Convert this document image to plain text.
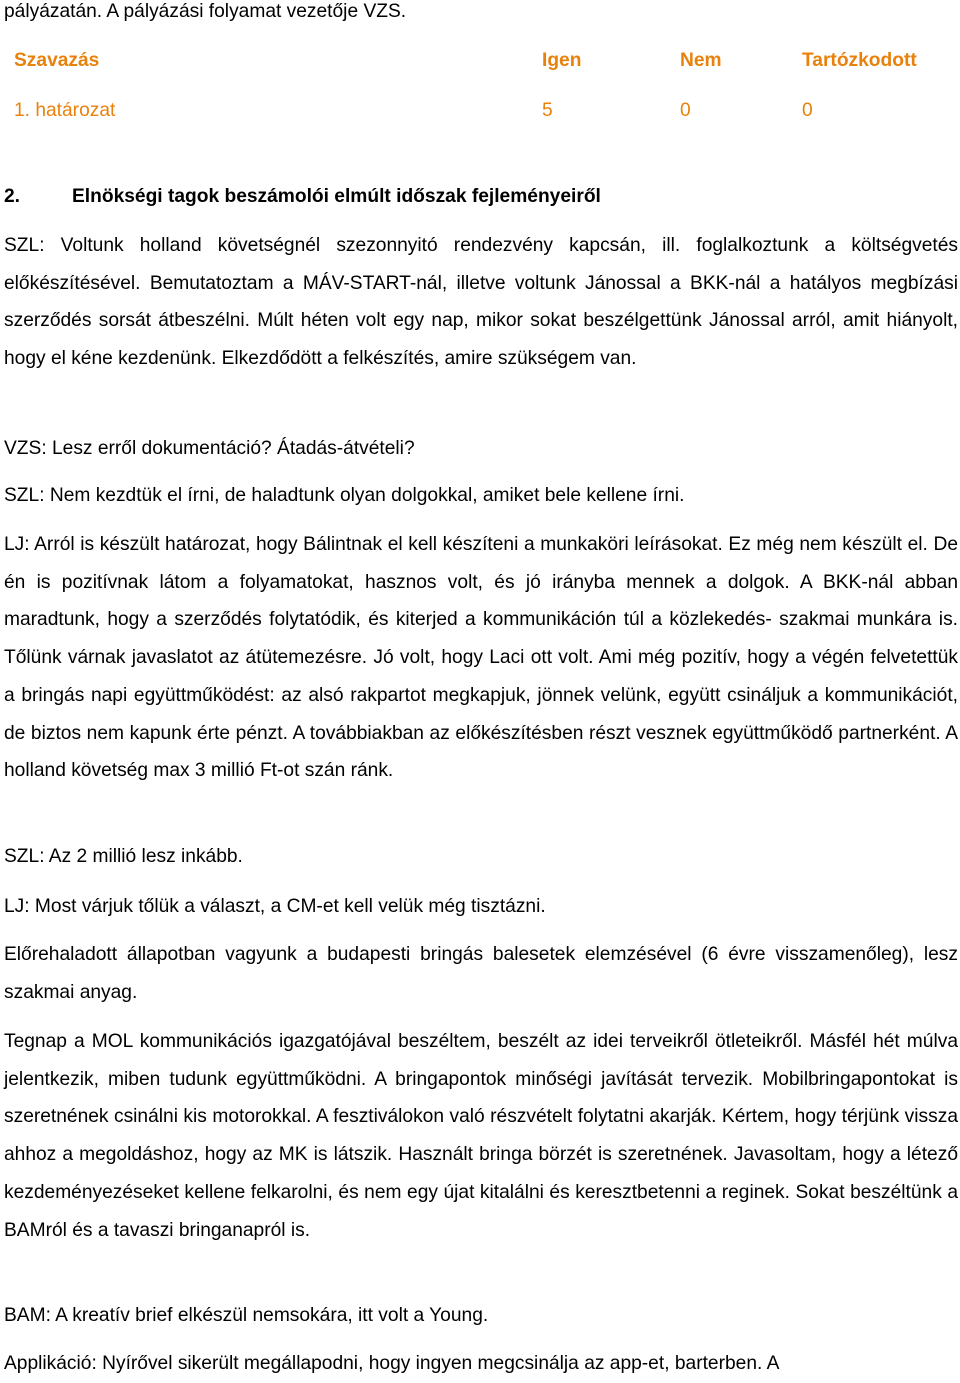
pályázatán. A pályázási folyamat vezetője VZS.
Szavazás	Igen	Nem	Tartózkodott
1. határozat	5	0	0
2.	Elnökségi tagok beszámolói elmúlt időszak fejleményeiről
SZL: Voltunk holland követségnél szezonnyitó rendezvény kapcsán, ill. foglalkoztunk a költségvetés előkészítésével. Bemutatoztam a MÁV-START-nál, illetve voltunk Jánossal a BKK-nál a hatályos megbízási szerződés sorsát átbeszélni. Múlt héten volt egy nap, mikor sokat beszélgettünk Jánossal arról, amit hiányolt, hogy el kéne kezdenünk. Elkezdődött a felkészítés, amire szükségem van.
VZS: Lesz erről dokumentáció? Átadás-átvételi?
SZL: Nem kezdtük el írni, de haladtunk olyan dolgokkal, amiket bele kellene írni.
LJ: Arról is készült határozat, hogy Bálintnak el kell készíteni a munkaköri leírásokat. Ez még nem készült el. De én is pozitívnak látom a folyamatokat, hasznos volt, és jó irányba mennek a dolgok. A BKK-nál abban maradtunk, hogy a szerződés folytatódik, és kiterjed a kommunikáción túl a közlekedés- szakmai munkára is. Tőlünk várnak javaslatot az átütemezésre. Jó volt, hogy Laci ott volt. Ami még pozitív, hogy a végén felvetettük a bringás napi együttműködést: az alsó rakpartot megkapjuk, jönnek velünk, együtt csináljuk a kommunikációt, de biztos nem kapunk érte pénzt. A továbbiakban az előkészítésben részt vesznek együttműködő partnerként. A holland követség max 3 millió Ft-ot szán ránk.
SZL: Az 2 millió lesz inkább.
LJ: Most várjuk tőlük a választ, a CM-et kell velük még tisztázni.
Előrehaladott állapotban vagyunk a budapesti bringás balesetek elemzésével (6 évre visszamenőleg), lesz szakmai anyag.
Tegnap a MOL kommunikációs igazgatójával beszéltem, beszélt az idei terveikről ötleteikről. Másfél hét múlva jelentkezik, miben tudunk együttműködni. A bringapontok minőségi javítását tervezik. Mobilbringapontokat is szeretnének csinálni kis motorokkal. A fesztiválokon való részvételt folytatni akarják. Kértem, hogy térjünk vissza ahhoz a megoldáshoz, hogy az MK is látszik. Használt bringa börzét is szeretnének. Javasoltam, hogy a létező kezdeményezéseket kellene felkarolni, és nem egy újat kitalálni és keresztbetenni a reginek. Sokat beszéltünk a BAMról és a tavaszi bringanapról is.
BAM: A kreatív brief elkészül nemsokára, itt volt a Young.
Applikáció: Nyírővel sikerült megállapodni, hogy ingyen megcsinálja az app-et, barterben. A
